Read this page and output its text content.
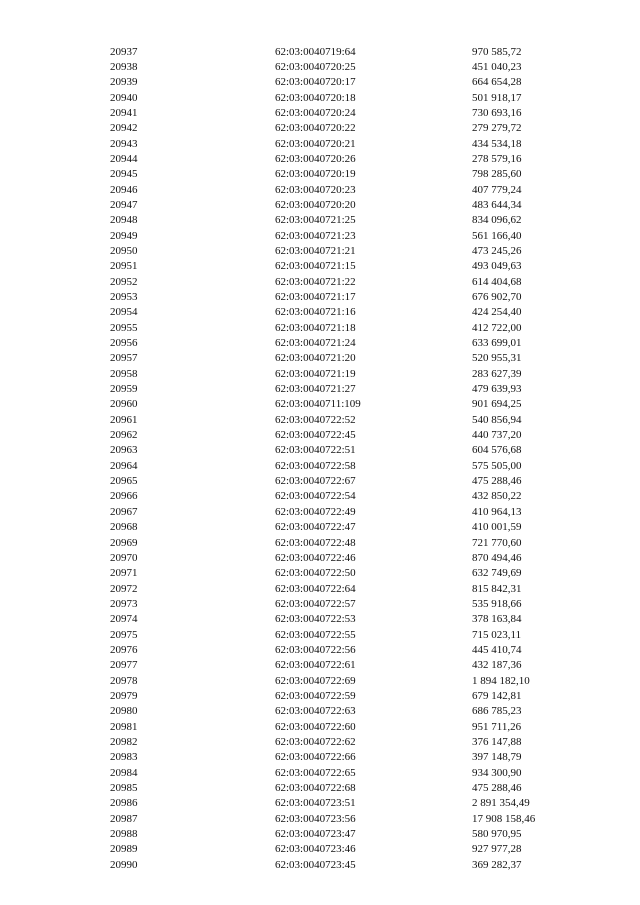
20937	62:03:0040719:64	970 585,72
20938	62:03:0040720:25	451 040,23
20939	62:03:0040720:17	664 654,28
20940	62:03:0040720:18	501 918,17
20941	62:03:0040720:24	730 693,16
20942	62:03:0040720:22	279 279,72
20943	62:03:0040720:21	434 534,18
20944	62:03:0040720:26	278 579,16
20945	62:03:0040720:19	798 285,60
20946	62:03:0040720:23	407 779,24
20947	62:03:0040720:20	483 644,34
20948	62:03:0040721:25	834 096,62
20949	62:03:0040721:23	561 166,40
20950	62:03:0040721:21	473 245,26
20951	62:03:0040721:15	493 049,63
20952	62:03:0040721:22	614 404,68
20953	62:03:0040721:17	676 902,70
20954	62:03:0040721:16	424 254,40
20955	62:03:0040721:18	412 722,00
20956	62:03:0040721:24	633 699,01
20957	62:03:0040721:20	520 955,31
20958	62:03:0040721:19	283 627,39
20959	62:03:0040721:27	479 639,93
20960	62:03:0040711:109	901 694,25
20961	62:03:0040722:52	540 856,94
20962	62:03:0040722:45	440 737,20
20963	62:03:0040722:51	604 576,68
20964	62:03:0040722:58	575 505,00
20965	62:03:0040722:67	475 288,46
20966	62:03:0040722:54	432 850,22
20967	62:03:0040722:49	410 964,13
20968	62:03:0040722:47	410 001,59
20969	62:03:0040722:48	721 770,60
20970	62:03:0040722:46	870 494,46
20971	62:03:0040722:50	632 749,69
20972	62:03:0040722:64	815 842,31
20973	62:03:0040722:57	535 918,66
20974	62:03:0040722:53	378 163,84
20975	62:03:0040722:55	715 023,11
20976	62:03:0040722:56	445 410,74
20977	62:03:0040722:61	432 187,36
20978	62:03:0040722:69	1 894 182,10
20979	62:03:0040722:59	679 142,81
20980	62:03:0040722:63	686 785,23
20981	62:03:0040722:60	951 711,26
20982	62:03:0040722:62	376 147,88
20983	62:03:0040722:66	397 148,79
20984	62:03:0040722:65	934 300,90
20985	62:03:0040722:68	475 288,46
20986	62:03:0040723:51	2 891 354,49
20987	62:03:0040723:56	17 908 158,46
20988	62:03:0040723:47	580 970,95
20989	62:03:0040723:46	927 977,28
20990	62:03:0040723:45	369 282,37
